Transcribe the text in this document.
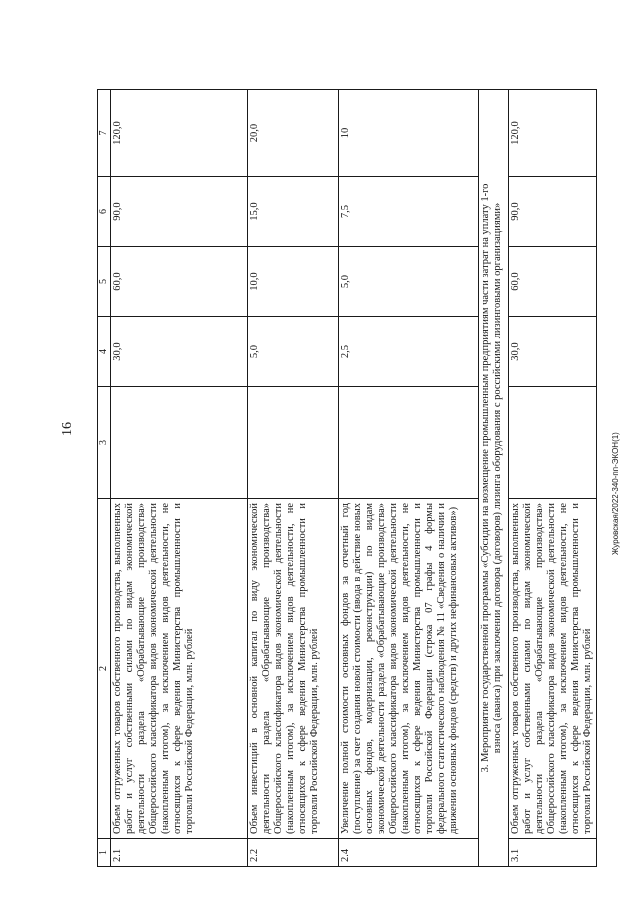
16
Журовская/2022-340-пп-ЭКОН(1)
1	2	3	4	5	6	7
2.1	Объем отгруженных товаров собственного производства, выполненных работ и услуг собственными силами по видам экономической деятельности раздела «Обрабатывающие производства» Общероссийского классификатора видов экономической деятельности (накопленным итогом), за исключением видов деятельности, не относящихся к сфере ведения Министерства промышленности и торговли Российской Федерации, млн. рублей		30,0	60,0	90,0	120,0
2.2	Объем инвестиций в основной капитал по виду экономической деятельности раздела «Обрабатывающие производства» Общероссийского классификатора видов экономической деятельности (накопленным итогом), за исключением видов деятельности, не относящихся к сфере ведения Министерства промышленности и торговли Российской Федерации, млн. рублей		5,0	10,0	15,0	20,0
2.4	Увеличение полной стоимости основных фондов за отчетный год (поступление) за счет создания новой стоимости (ввода в действие новых основных фондов, модернизации, реконструкции) по видам экономической деятельности раздела «Обрабатывающие производства» Общероссийского классификатора видов экономической деятельности (накопленным итогом), за исключением видов деятельности, не относящихся к сфере ведения Министерства промышленности и торговли Российской Федерации (строка 07 графы 4 формы федерального статистического наблюдения № 11 «Сведения о наличии и движении основных фондов (средств) и других нефинансовых активов»)		2,5	5,0	7,5	10

3. Мероприятие государственной программы «Субсидии на возмещение промышленным предприятиям части затрат на уплату 1-го взноса (аванса) при заключении договора (договоров) лизинга оборудования с российскими лизинговыми организациями»						

3.1	Объем отгруженных товаров собственного производства, выполненных работ и услуг собственными силами по видам экономической деятельности раздела «Обрабатывающие производства» Общероссийского классификатора видов экономической деятельности (накопленным итогом), за исключением видов деятельности, не относящихся к сфере ведения Министерства промышленности и торговли Российской Федерации, млн. рублей		30,0	60,0	90,0	120,0
